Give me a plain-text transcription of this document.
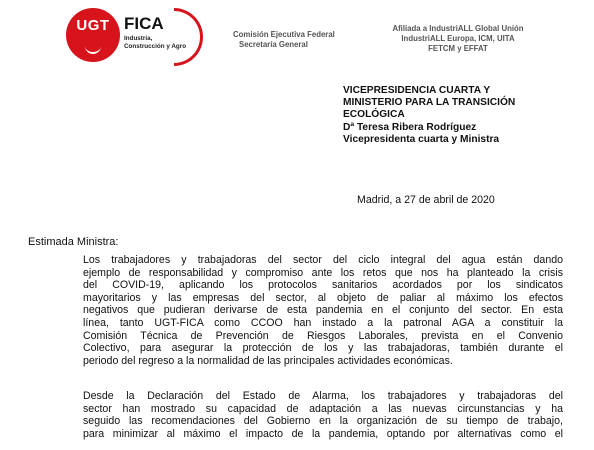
UGT FICA
Industria,
Construcción y Agro
Comisión Ejecutiva Federal
Secretaría General
Afiliada a IndustriALL Global Unión
IndustriALL Europa, ICM, UITA
FETCM y EFFAT
VICEPRESIDENCIA CUARTA Y
MINISTERIO PARA LA TRANSICIÓN
ECOLÓGICA
Dª Teresa Ribera Rodríguez
Vicepresidenta cuarta y Ministra
Madrid, a 27 de abril de 2020
Estimada Ministra:
Los trabajadores y trabajadoras del sector del ciclo integral del agua están dando
ejemplo de responsabilidad y compromiso ante los retos que nos ha planteado la crisis
del COVID-19, aplicando los protocolos sanitarios acordados por los sindicatos
mayoritarios y las empresas del sector, al objeto de paliar al máximo los efectos
negativos que pudieran derivarse de esta pandemia en el conjunto del sector. En esta
línea, tanto UGT-FICA como CCOO han instado a la patronal AGA a constituir la
Comisión Técnica de Prevención de Riesgos Laborales, prevista en el Convenio
Colectivo, para asegurar la protección de los y las trabajadoras, también durante el
periodo del regreso a la normalidad de las principales actividades económicas.
Desde la Declaración del Estado de Alarma, los trabajadores y trabajadoras del
sector han mostrado su capacidad de adaptación a las nuevas circunstancias y ha
seguido las recomendaciones del Gobierno en la organización de su tiempo de trabajo,
para minimizar al máximo el impacto de la pandemia, optando por alternativas como el
